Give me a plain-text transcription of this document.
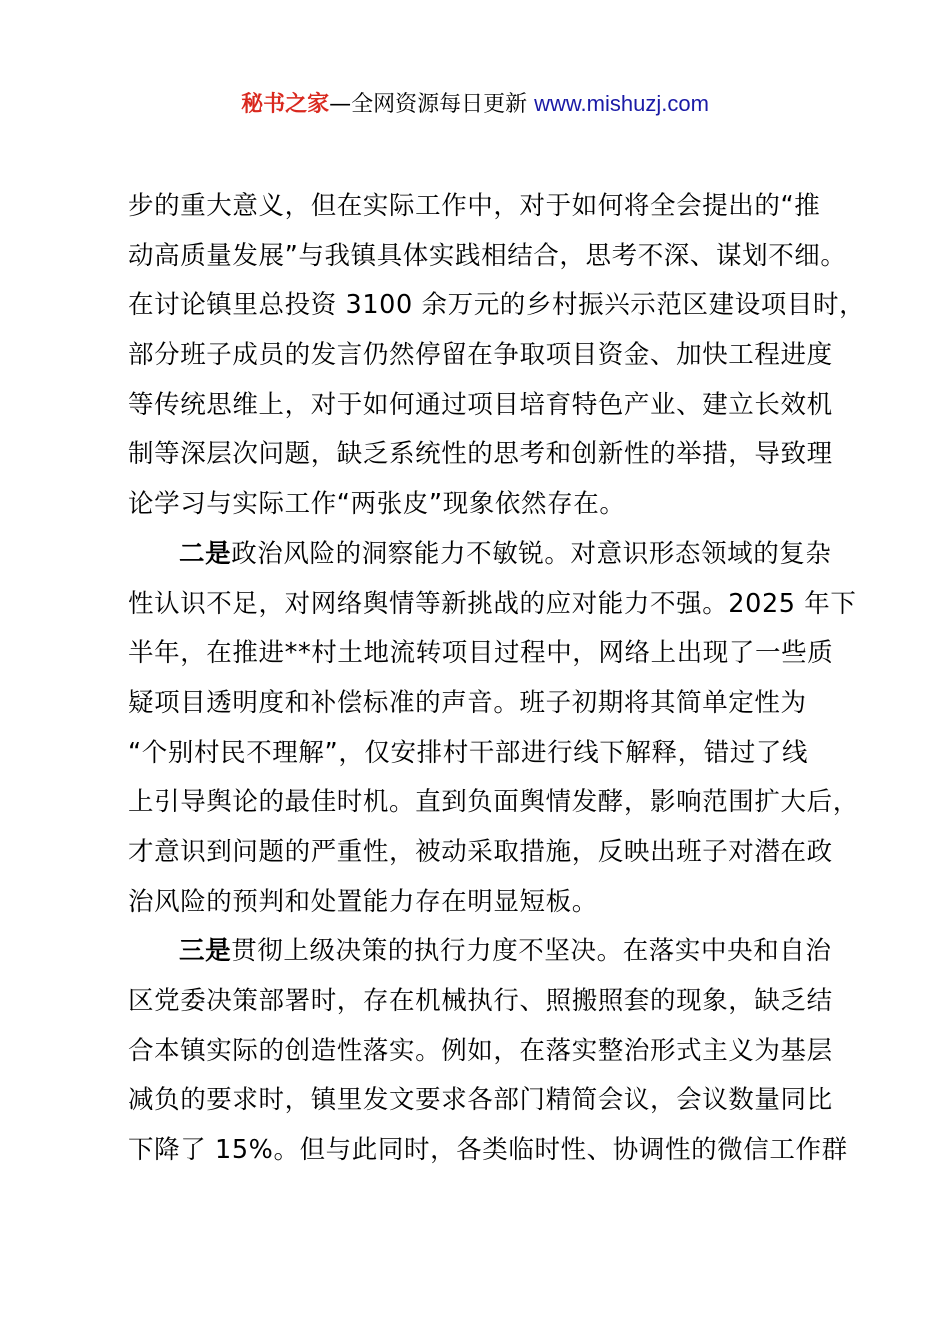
秘书之家—全网资源每日更新 www.mishuzj.com
步的重大意义，但在实际工作中，对于如何将全会提出的“推
动高质量发展”与我镇具体实践相结合，思考不深、谋划不细。
在讨论镇里总投资 3100 余万元的乡村振兴示范区建设项目时，
部分班子成员的发言仍然停留在争取项目资金、加快工程进度
等传统思维上，对于如何通过项目培育特色产业、建立长效机
制等深层次问题，缺乏系统性的思考和创新性的举措，导致理
论学习与实际工作“两张皮”现象依然存在。
二是政治风险的洞察能力不敏锐。对意识形态领域的复杂
性认识不足，对网络舆情等新挑战的应对能力不强。2025 年下
半年，在推进**村土地流转项目过程中，网络上出现了一些质
疑项目透明度和补偿标准的声音。班子初期将其简单定性为
“个别村民不理解”，仅安排村干部进行线下解释，错过了线
上引导舆论的最佳时机。直到负面舆情发酵，影响范围扩大后，
才意识到问题的严重性，被动采取措施，反映出班子对潜在政
治风险的预判和处置能力存在明显短板。
三是贯彻上级决策的执行力度不坚决。在落实中央和自治
区党委决策部署时，存在机械执行、照搬照套的现象，缺乏结
合本镇实际的创造性落实。例如，在落实整治形式主义为基层
减负的要求时，镇里发文要求各部门精简会议，会议数量同比
下降了 15%。但与此同时，各类临时性、协调性的微信工作群
